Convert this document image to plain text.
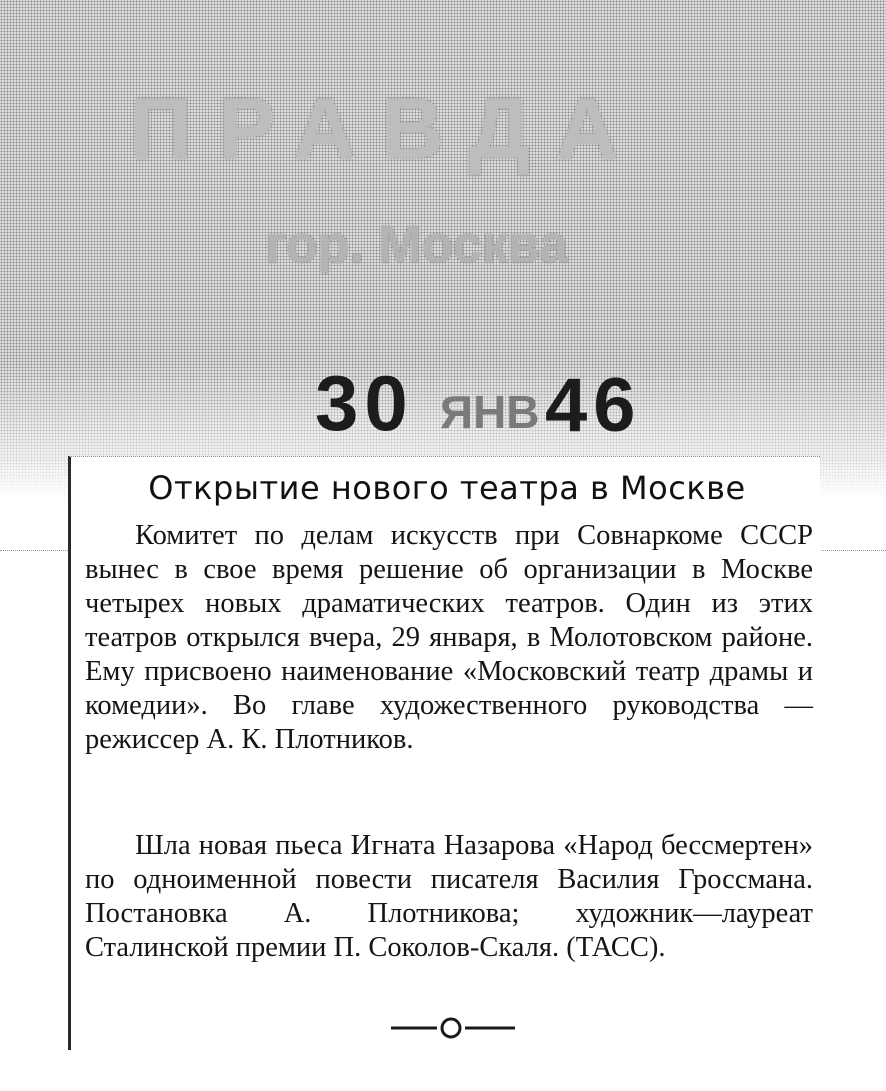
ПРАВДА
гор. Москва
30 ЯНВ 46
Открытие нового театра в Москве

Комитет по делам искусств при Совнаркоме СССР вынес в свое время решение об организации в Москве четырех новых драматических театров. Один из этих театров открылся вчера, 29 января, в Молотовском районе. Ему присвоено наименование «Московский театр драмы и комедии». Во главе художественного руководства — режиссер А. К. Плотников.

Шла новая пьеса Игната Назарова «Народ бессмертен» по одноименной повести писателя Василия Гроссмана. Постановка А. Плотникова; художник—лауреат Сталинской премии П. Соколов-Скаля. (ТАСС).
